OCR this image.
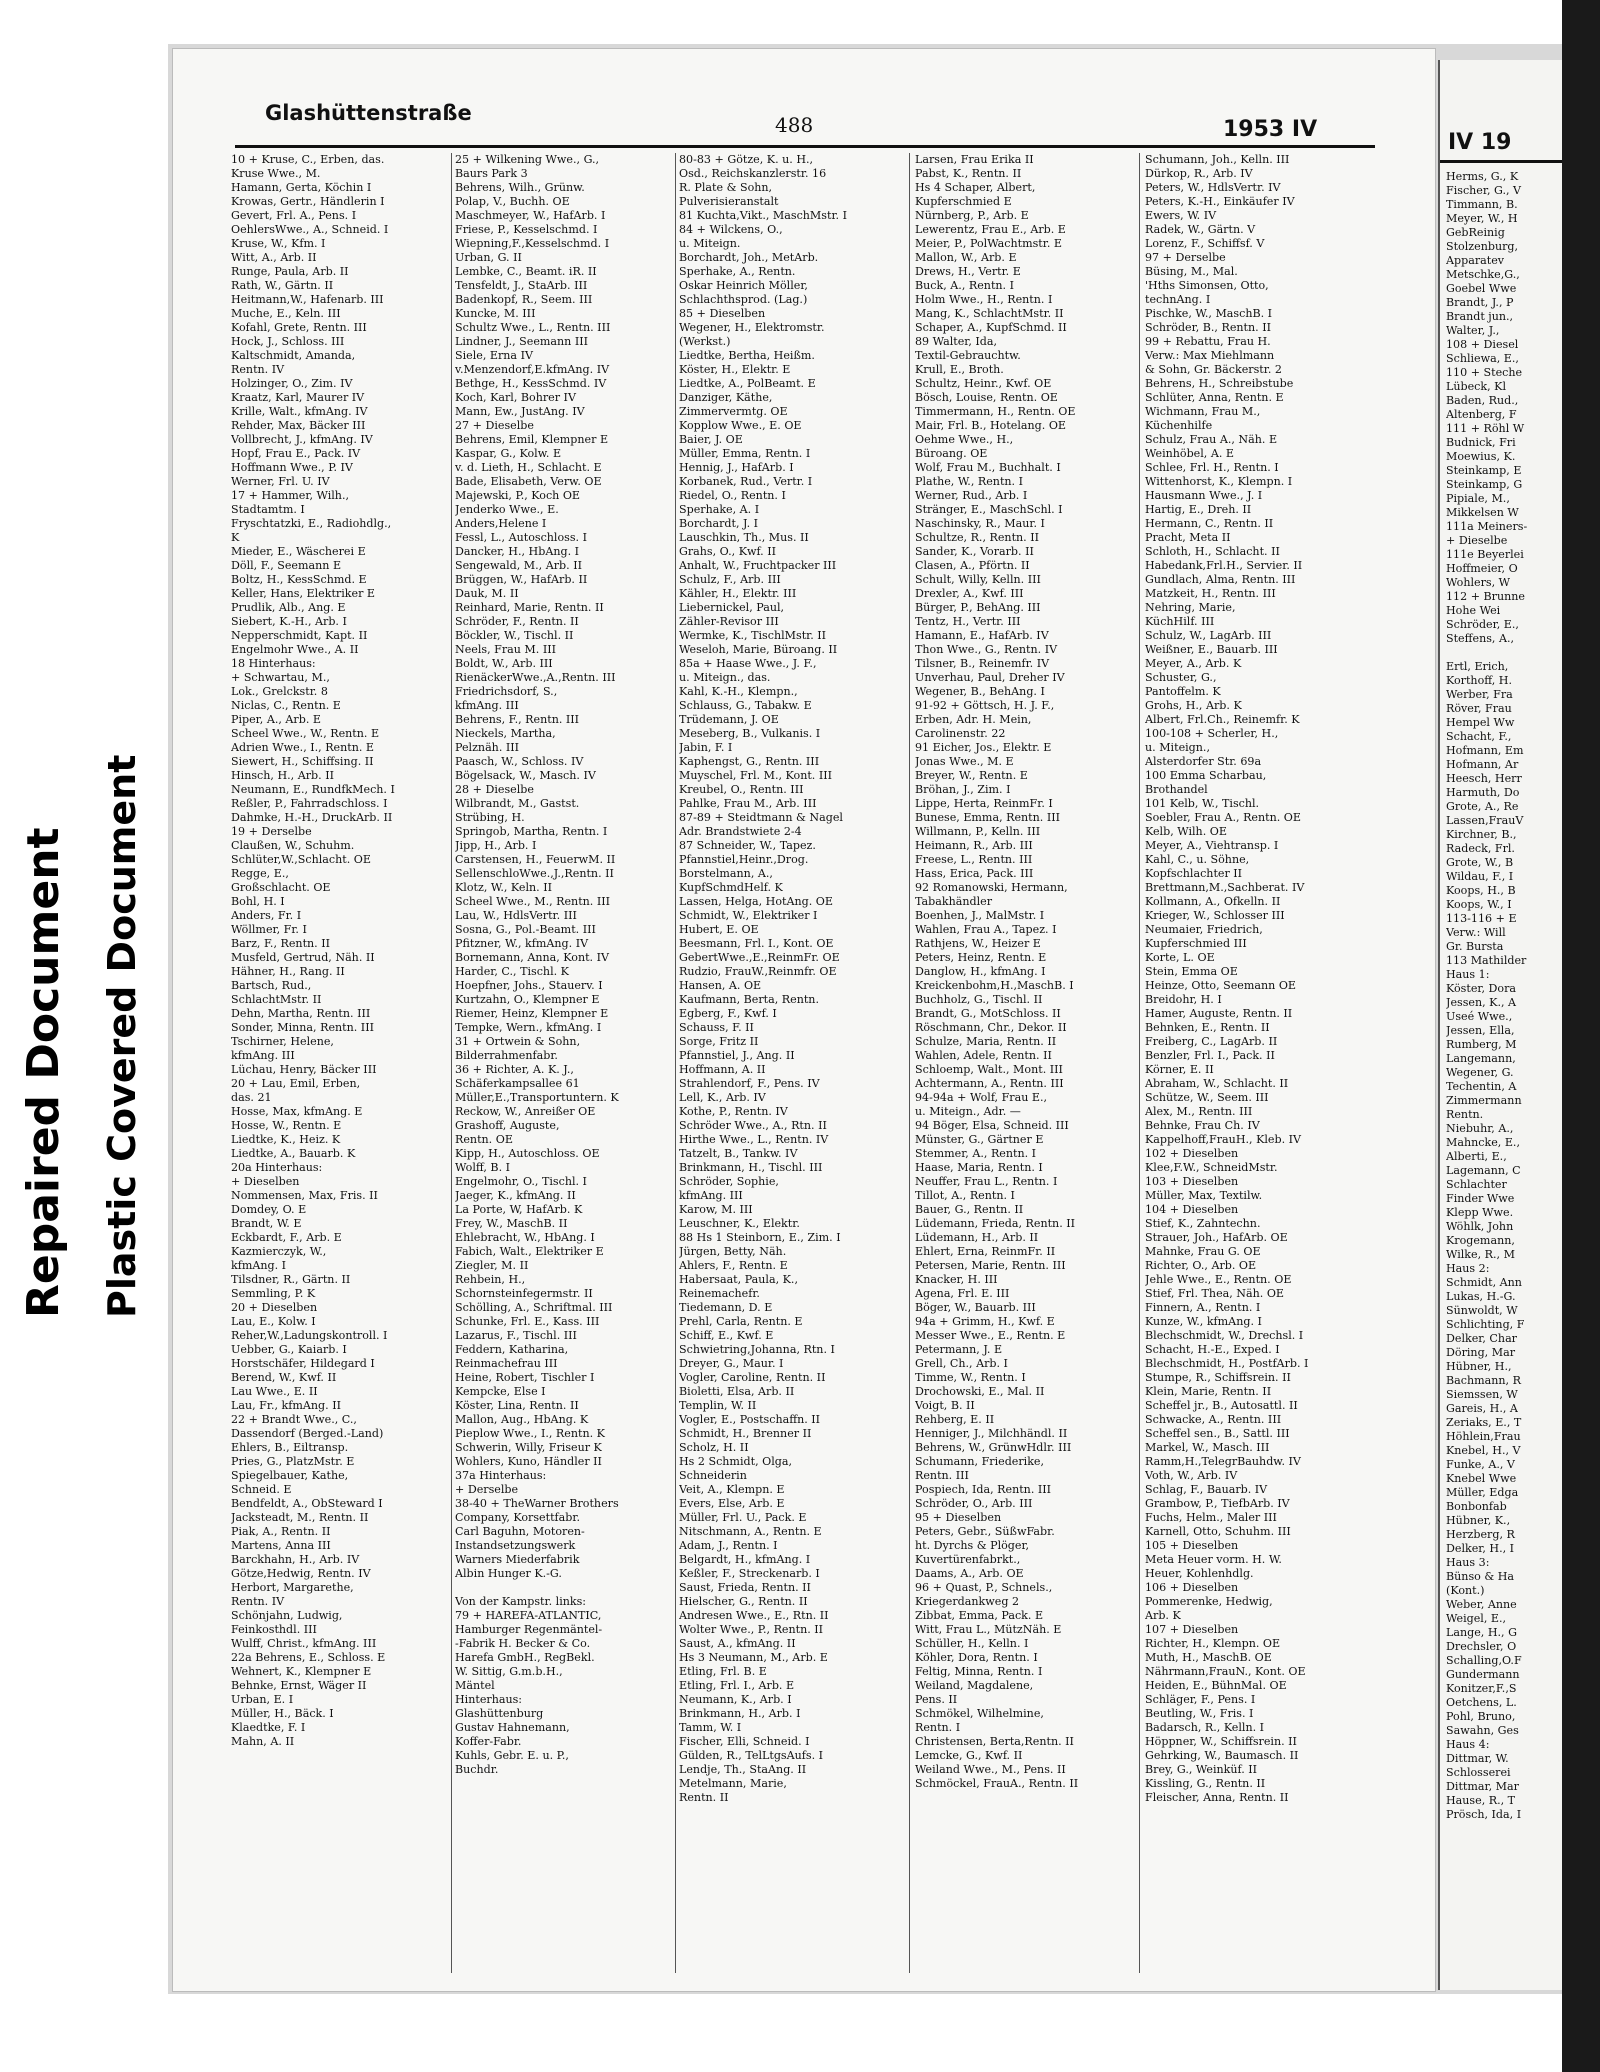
Repaired Document Plastic Covered Document
Glashüttenstraße	488	1953 IV
10 + Kruse, C., Erben, das.
Kruse Wwe., M.
Hamann, Gerta, Köchin I
Krowas, Gertr., Händlerin I
Gevert, Frl. A., Pens. I
OehlersWwe., A., Schneid. I
Kruse, W., Kfm. I
Witt, A., Arb. II
Runge, Paula, Arb. II
Rath, W., Gärtn. II
Heitmann,W., Hafenarb. III
Muche, E., Keln. III
Kofahl, Grete, Rentn. III
Hock, J., Schloss. III
Kaltschmidt, Amanda,
Rentn. IV
Holzinger, O., Zim. IV
Kraatz, Karl, Maurer IV
Krille, Walt., kfmAng. IV
Rehder, Max, Bäcker III
Vollbrecht, J., kfmAng. IV
Hopf, Frau E., Pack. IV
Hoffmann Wwe., P. IV
Werner, Frl. U. IV
17 + Hammer, Wilh.,
Stadtamtm. I
Fryschtatzki, E., Radiohdlg.,
K
Mieder, E., Wäscherei E
Döll, F., Seemann E
Boltz, H., KessSchmd. E
Keller, Hans, Elektriker E
Prudlik, Alb., Ang. E
Siebert, K.-H., Arb. I
Nepperschmidt, Kapt. II
Engelmohr Wwe., A. II
18 Hinterhaus:
+ Schwartau, M.,
Lok., Grelckstr. 8
Niclas, C., Rentn. E
Piper, A., Arb. E
Scheel Wwe., W., Rentn. E
Adrien Wwe., I., Rentn. E
Siewert, H., Schiffsing. II
Hinsch, H., Arb. II
Neumann, E., RundfkMech. I
Reßler, P., Fahrradschloss. I
Dahmke, H.-H., DruckArb. II
19 + Derselbe
Claußen, W., Schuhm.
Schlüter,W.,Schlacht. OE
Regge, E.,
Großschlacht. OE
Bohl, H. I
Anders, Fr. I
Wöllmer, Fr. I
Barz, F., Rentn. II
Musfeld, Gertrud, Näh. II
Hähner, H., Rang. II
Bartsch, Rud.,
SchlachtMstr. II
Dehn, Martha, Rentn. III
Sonder, Minna, Rentn. III
Tschirner, Helene,
kfmAng. III
Lüchau, Henry, Bäcker III
20 + Lau, Emil, Erben,
das. 21
Hosse, Max, kfmAng. E
Hosse, W., Rentn. E
Liedtke, K., Heiz. K
Liedtke, A., Bauarb. K
20a Hinterhaus:
+ Dieselben
Nommensen, Max, Fris. II
Domdey, O. E
Brandt, W. E
Eckbardt, F., Arb. E
Kazmierczyk, W.,
kfmAng. I
Tilsdner, R., Gärtn. II
Semmling, P. K
20 + Dieselben
Lau, E., Kolw. I
Reher,W.,Ladungskontroll. I
Uebber, G., Kaiarb. I
Horstschäfer, Hildegard I
Berend, W., Kwf. II
Lau Wwe., E. II
Lau, Fr., kfmAng. II
22 + Brandt Wwe., C.,
Dassendorf (Berged.-Land)
Ehlers, B., Eiltransp.
Pries, G., PlatzMstr. E
Spiegelbauer, Kathe,
Schneid. E
Bendfeldt, A., ObSteward I
Jacksteadt, M., Rentn. II
Piak, A., Rentn. II
Martens, Anna III
Barckhahn, H., Arb. IV
Götze,Hedwig, Rentn. IV
Herbort, Margarethe,
Rentn. IV
Schönjahn, Ludwig,
Feinkosthdl. III
Wulff, Christ., kfmAng. III
22a Behrens, E., Schloss. E
Wehnert, K., Klempner E
Behnke, Ernst, Wäger II
Urban, E. I
Müller, H., Bäck. I
Klaedtke, F. I
Mahn, A. II
25 + Wilkening Wwe., G.,
Baurs Park 3
Behrens, Wilh., Grünw.
Polap, V., Buchh. OE
Maschmeyer, W., HafArb. I
Friese, P., Kesselschmd. I
Wiepning,F.,Kesselschmd. I
Urban, G. II
Lembke, C., Beamt. iR. II
Tensfeldt, J., StaArb. III
Badenkopf, R., Seem. III
Kuncke, M. III
Schultz Wwe., L., Rentn. III
Lindner, J., Seemann III
Siele, Erna IV
v.Menzendorf,E.kfmAng. IV
Bethge, H., KessSchmd. IV
Koch, Karl, Bohrer IV
Mann, Ew., JustAng. IV
27 + Dieselbe
Behrens, Emil, Klempner E
Kaspar, G., Kolw. E
v. d. Lieth, H., Schlacht. E
Bade, Elisabeth, Verw. OE
Majewski, P., Koch OE
Jenderko Wwe., E.
Anders,Helene I
Fessl, L., Autoschloss. I
Dancker, H., HbAng. I
Sengewald, M., Arb. II
Brüggen, W., HafArb. II
Dauk, M. II
Reinhard, Marie, Rentn. II
Schröder, F., Rentn. II
Böckler, W., Tischl. II
Neels, Frau M. III
Boldt, W., Arb. III
RienäckerWwe.,A.,Rentn. III
Friedrichsdorf, S.,
kfmAng. III
Behrens, F., Rentn. III
Nieckels, Martha,
Pelznäh. III
Paasch, W., Schloss. IV
Bögelsack, W., Masch. IV
28 + Dieselbe
Wilbrandt, M., Gastst.
Strübing, H.
Springob, Martha, Rentn. I
Jipp, H., Arb. I
Carstensen, H., FeuerwM. II
SellenschloWwe.,J.,Rentn. II
Klotz, W., Keln. II
Scheel Wwe., M., Rentn. III
Lau, W., HdlsVertr. III
Sosna, G., Pol.-Beamt. III
Pfitzner, W., kfmAng. IV
Bornemann, Anna, Kont. IV
Harder, C., Tischl. K
Hoepfner, Johs., Stauerv. I
Kurtzahn, O., Klempner E
Riemer, Heinz, Klempner E
Tempke, Wern., kfmAng. I
31 + Ortwein & Sohn,
Bilderrahmenfabr.
36 + Richter, A. K. J.,
Schäferkampsallee 61
Müller,E.,Transportuntern. K
Reckow, W., Anreißer OE
Grashoff, Auguste,
Rentn. OE
Kipp, H., Autoschloss. OE
Wolff, B. I
Engelmohr, O., Tischl. I
Jaeger, K., kfmAng. II
La Porte, W, HafArb. K
Frey, W., MaschB. II
Ehlebracht, W., HbAng. I
Fabich, Walt., Elektriker E
Ziegler, M. II
Rehbein, H.,
Schornsteinfegermstr. II
Schölling, A., Schriftmal. III
Schunke, Frl. E., Kass. III
Lazarus, F., Tischl. III
Feddern, Katharina,
Reinmachefrau III
Heine, Robert, Tischler I
Kempcke, Else I
Köster, Lina, Rentn. II
Mallon, Aug., HbAng. K
Pieplow Wwe., I., Rentn. K
Schwerin, Willy, Friseur K
Wohlers, Kuno, Händler II
37a Hinterhaus:
+ Derselbe
38-40 + TheWarner Brothers
Company, Korsettfabr.
Carl Baguhn, Motoren-
Instandsetzungswerk
Warners Miederfabrik
Albin Hunger K.-G.
Von der Kampstr. links:
79 + HAREFA-ATLANTIC,
Hamburger Regenmäntel-
-Fabrik H. Becker & Co.
Harefa GmbH., RegBekl.
W. Sittig, G.m.b.H.,
Mäntel
Hinterhaus:
Glashüttenburg
Gustav Hahnemann,
Koffer-Fabr.
Kuhls, Gebr. E. u. P.,
Buchdr.
80-83 + Götze, K. u. H.,
Osd., Reichskanzlerstr. 16
R. Plate & Sohn,
Pulverisieranstalt
81 Kuchta,Vikt., MaschMstr. I
84 + Wilckens, O.,
u. Miteign.
Borchardt, Joh., MetArb.
Sperhake, A., Rentn.
Oskar Heinrich Möller,
Schlachthsprod. (Lag.)
85 + Dieselben
Wegener, H., Elektromstr.
(Werkst.)
Liedtke, Bertha, Heißm.
Köster, H., Elektr. E
Liedtke, A., PolBeamt. E
Danziger, Käthe,
Zimmervermtg. OE
Kopplow Wwe., E. OE
Baier, J. OE
Müller, Emma, Rentn. I
Hennig, J., HafArb. I
Korbanek, Rud., Vertr. I
Riedel, O., Rentn. I
Sperhake, A. I
Borchardt, J. I
Lauschkin, Th., Mus. II
Grahs, O., Kwf. II
Anhalt, W., Fruchtpacker III
Schulz, F., Arb. III
Kähler, H., Elektr. III
Liebernickel, Paul,
Zähler-Revisor III
Wermke, K., TischlMstr. II
Weseloh, Marie, Büroang. II
85a + Haase Wwe., J. F.,
u. Miteign., das.
Kahl, K.-H., Klempn.,
Schlauss, G., Tabakw. E
Trüdemann, J. OE
Meseberg, B., Vulkanis. I
Jabin, F. I
Kaphengst, G., Rentn. III
Muyschel, Frl. M., Kont. III
Kreubel, O., Rentn. III
Pahlke, Frau M., Arb. III
87-89 + Steidtmann & Nagel
Adr. Brandstwiete 2-4
87 Schneider, W., Tapez.
Pfannstiel,Heinr.,Drog.
Borstelmann, A.,
KupfSchmdHelf. K
Lassen, Helga, HotAng. OE
Schmidt, W., Elektriker I
Hubert, E. OE
Beesmann, Frl. I., Kont. OE
GebertWwe.,E.,ReinmFr. OE
Rudzio, FrauW.,Reinmfr. OE
Hansen, A. OE
Kaufmann, Berta, Rentn.
Egberg, F., Kwf. I
Schauss, F. II
Sorge, Fritz II
Pfannstiel, J., Ang. II
Hoffmann, A. II
Strahlendorf, F., Pens. IV
Lell, K., Arb. IV
Kothe, P., Rentn. IV
Schröder Wwe., A., Rtn. II
Hirthe Wwe., L., Rentn. IV
Tatzelt, B., Tankw. IV
Brinkmann, H., Tischl. III
Schröder, Sophie,
kfmAng. III
Karow, M. III
Leuschner, K., Elektr.
88 Hs 1 Steinborn, E., Zim. I
Jürgen, Betty, Näh.
Ahlers, F., Rentn. E
Habersaat, Paula, K.,
Reinemachefr.
Tiedemann, D. E
Prehl, Carla, Rentn. E
Schiff, E., Kwf. E
Schwietring,Johanna, Rtn. I
Dreyer, G., Maur. I
Vogler, Caroline, Rentn. II
Bioletti, Elsa, Arb. II
Templin, W. II
Vogler, E., Postschaffn. II
Schmidt, H., Brenner II
Scholz, H. II
Hs 2 Schmidt, Olga,
Schneiderin
Veit, A., Klempn. E
Evers, Else, Arb. E
Müller, Frl. U., Pack. E
Nitschmann, A., Rentn. E
Adam, J., Rentn. I
Belgardt, H., kfmAng. I
Keßler, F., Streckenarb. I
Saust, Frieda, Rentn. II
Hielscher, G., Rentn. II
Andresen Wwe., E., Rtn. II
Wolter Wwe., P., Rentn. II
Saust, A., kfmAng. II
Hs 3 Neumann, M., Arb. E
Etling, Frl. B. E
Etling, Frl. I., Arb. E
Neumann, K., Arb. I
Brinkmann, H., Arb. I
Tamm, W. I
Fischer, Elli, Schneid. I
Gülden, R., TelLtgsAufs. I
Lendje, Th., StaAng. II
Metelmann, Marie,
Rentn. II
Larsen, Frau Erika II
Pabst, K., Rentn. II
Hs 4 Schaper, Albert,
Kupferschmied E
Nürnberg, P., Arb. E
Lewerentz, Frau E., Arb. E
Meier, P., PolWachtmstr. E
Mallon, W., Arb. E
Drews, H., Vertr. E
Buck, A., Rentn. I
Holm Wwe., H., Rentn. I
Mang, K., SchlachtMstr. II
Schaper, A., KupfSchmd. II
89 Walter, Ida,
Textil-Gebrauchtw.
Krull, E., Broth.
Schultz, Heinr., Kwf. OE
Bösch, Louise, Rentn. OE
Timmermann, H., Rentn. OE
Mair, Frl. B., Hotelang. OE
Oehme Wwe., H.,
Büroang. OE
Wolf, Frau M., Buchhalt. I
Plathe, W., Rentn. I
Werner, Rud., Arb. I
Stränger, E., MaschSchl. I
Naschinsky, R., Maur. I
Schultze, R., Rentn. II
Sander, K., Vorarb. II
Clasen, A., Pförtn. II
Schult, Willy, Kelln. III
Drexler, A., Kwf. III
Bürger, P., BehAng. III
Tentz, H., Vertr. III
Hamann, E., HafArb. IV
Thon Wwe., G., Rentn. IV
Tilsner, B., Reinemfr. IV
Unverhau, Paul, Dreher IV
Wegener, B., BehAng. I
91-92 + Göttsch, H. J. F.,
Erben, Adr. H. Mein,
Carolinenstr. 22
91 Eicher, Jos., Elektr. E
Jonas Wwe., M. E
Breyer, W., Rentn. E
Bröhan, J., Zim. I
Lippe, Herta, ReinmFr. I
Bunese, Emma, Rentn. III
Willmann, P., Kelln. III
Heimann, R., Arb. III
Freese, L., Rentn. III
Hass, Erica, Pack. III
92 Romanowski, Hermann,
Tabakhändler
Boenhen, J., MalMstr. I
Wahlen, Frau A., Tapez. I
Rathjens, W., Heizer E
Peters, Heinz, Rentn. E
Danglow, H., kfmAng. I
Kreickenbohm,H.,MaschB. I
Buchholz, G., Tischl. II
Brandt, G., MotSchloss. II
Röschmann, Chr., Dekor. II
Schulze, Maria, Rentn. II
Wahlen, Adele, Rentn. II
Schloemp, Walt., Mont. III
Achtermann, A., Rentn. III
94-94a + Wolf, Frau E.,
u. Miteign., Adr. —
94 Böger, Elsa, Schneid. III
Münster, G., Gärtner E
Stemmer, A., Rentn. I
Haase, Maria, Rentn. I
Neuffer, Frau L., Rentn. I
Tillot, A., Rentn. I
Bauer, G., Rentn. II
Lüdemann, Frieda, Rentn. II
Lüdemann, H., Arb. II
Ehlert, Erna, ReinmFr. II
Petersen, Marie, Rentn. III
Knacker, H. III
Agena, Frl. E. III
Böger, W., Bauarb. III
94a + Grimm, H., Kwf. E
Messer Wwe., E., Rentn. E
Petermann, J. E
Grell, Ch., Arb. I
Timme, W., Rentn. I
Drochowski, E., Mal. II
Voigt, B. II
Rehberg, E. II
Henniger, J., Milchhändl. II
Behrens, W., GrünwHdlr. III
Schumann, Friederike,
Rentn. III
Pospiech, Ida, Rentn. III
Schröder, O., Arb. III
95 + Dieselben
Peters, Gebr., SüßwFabr.
ht. Dyrchs & Plöger,
Kuvertürenfabrkt.,
Daams, A., Arb. OE
96 + Quast, P., Schnels.,
Kriegerdankweg 2
Zibbat, Emma, Pack. E
Witt, Frau L., MützNäh. E
Schüller, H., Kelln. I
Köhler, Dora, Rentn. I
Feltig, Minna, Rentn. I
Weiland, Magdalene,
Pens. II
Schmökel, Wilhelmine,
Rentn. I
Christensen, Berta,Rentn. II
Lemcke, G., Kwf. II
Weiland Wwe., M., Pens. II
Schmöckel, FrauA., Rentn. II
Schumann, Joh., Kelln. III
Dürkop, R., Arb. IV
Peters, W., HdlsVertr. IV
Peters, K.-H., Einkäufer IV
Ewers, W. IV
Radek, W., Gärtn. V
Lorenz, F., Schiffsf. V
97 + Derselbe
Büsing, M., Mal.
'Hths Simonsen, Otto,
technAng. I
Pischke, W., MaschB. I
Schröder, B., Rentn. II
99 + Rebattu, Frau H.
Verw.: Max Miehlmann
& Sohn, Gr. Bäckerstr. 2
Behrens, H., Schreibstube
Schlüter, Anna, Rentn. E
Wichmann, Frau M.,
Küchenhilfe
Schulz, Frau A., Näh. E
Weinhöbel, A. E
Schlee, Frl. H., Rentn. I
Wittenhorst, K., Klempn. I
Hausmann Wwe., J. I
Hartig, E., Dreh. II
Hermann, C., Rentn. II
Pracht, Meta II
Schloth, H., Schlacht. II
Habedank,Frl.H., Servier. II
Gundlach, Alma, Rentn. III
Matzkeit, H., Rentn. III
Nehring, Marie,
KüchHilf. III
Schulz, W., LagArb. III
Weißner, E., Bauarb. III
Meyer, A., Arb. K
Schuster, G.,
Pantoffelm. K
Grohs, H., Arb. K
Albert, Frl.Ch., Reinemfr. K
100-108 + Scherler, H.,
u. Miteign.,
Alsterdorfer Str. 69a
100 Emma Scharbau,
Brothandel
101 Kelb, W., Tischl.
Soebler, Frau A., Rentn. OE
Kelb, Wilh. OE
Meyer, A., Viehtransp. I
Kahl, C., u. Söhne,
Kopfschlachter II
Brettmann,M.,Sachberat. IV
Kollmann, A., Ofkelln. II
Krieger, W., Schlosser III
Neumaier, Friedrich,
Kupferschmied III
Korte, L. OE
Stein, Emma OE
Heinze, Otto, Seemann OE
Breidohr, H. I
Hamer, Auguste, Rentn. II
Behnken, E., Rentn. II
Freiberg, C., LagArb. II
Benzler, Frl. I., Pack. II
Körner, E. II
Abraham, W., Schlacht. II
Schütze, W., Seem. III
Alex, M., Rentn. III
Behnke, Frau Ch. IV
Kappelhoff,FrauH., Kleb. IV
102 + Dieselben
Klee,F.W., SchneidMstr.
103 + Dieselben
Müller, Max, Textilw.
104 + Dieselben
Stief, K., Zahntechn.
Strauer, Joh., HafArb. OE
Mahnke, Frau G. OE
Richter, O., Arb. OE
Jehle Wwe., E., Rentn. OE
Stief, Frl. Thea, Näh. OE
Finnern, A., Rentn. I
Kunze, W., kfmAng. I
Blechschmidt, W., Drechsl. I
Schacht, H.-E., Exped. I
Blechschmidt, H., PostfArb. I
Stumpe, R., Schiffsrein. II
Klein, Marie, Rentn. II
Scheffel jr., B., Autosattl. II
Schwacke, A., Rentn. III
Scheffel sen., B., Sattl. III
Markel, W., Masch. III
Ramm,H.,TelegrBauhdw. IV
Voth, W., Arb. IV
Schlag, F., Bauarb. IV
Grambow, P., TiefbArb. IV
Fuchs, Helm., Maler III
Karnell, Otto, Schuhm. III
105 + Dieselben
Meta Heuer vorm. H. W.
Heuer, Kohlenhdlg.
106 + Dieselben
Pommerenke, Hedwig,
Arb. K
107 + Dieselben
Richter, H., Klempn. OE
Muth, H., MaschB. OE
Nährmann,FrauN., Kont. OE
Heiden, E., BühnMal. OE
Schläger, F., Pens. I
Beutling, W., Fris. I
Badarsch, R., Kelln. I
Höppner, W., Schiffsrein. II
Gehrking, W., Baumasch. II
Brey, G., Weinküf. II
Kissling, G., Rentn. II
Fleischer, Anna, Rentn. II
IV 19
Herms, G., K
Fischer, G., V
Timmann, B.
Meyer, W., H
GebReinig
Stolzenburg,
Apparatev
Metschke,G.,
Goebel Wwe
Brandt, J., P
Brandt jun.,
Walter, J.,
108 + Diesel
Schliewa, E.,
110 + Steche
Lübeck, Kl
Baden, Rud.,
Altenberg, F
111 + Röhl W
Budnick, Fri
Moewius, K.
Steinkamp, E
Steinkamp, G
Pipiale, M.,
Mikkelsen W
111a Meiners-
+ Dieselbe
111e Beyerlei
Hoffmeier, O
Wohlers, W
112 + Brunne
Hohe Wei
Schröder, E.,
Steffens, A.,
Ertl, Erich,
Korthoff, H.
Werber, Fra
Röver, Frau
Hempel Ww
Schacht, F.,
Hofmann, Em
Hofmann, Ar
Heesch, Herr
Harmuth, Do
Grote, A., Re
Lassen,FrauV
Kirchner, B.,
Radeck, Frl.
Grote, W., B
Wildau, F., I
Koops, H., B
Koops, W., I
113-116 + E
Verw.: Will
Gr. Bursta
113 Mathilder
Haus 1:
Köster, Dora
Jessen, K., A
Useé Wwe.,
Jessen, Ella,
Rumberg, M
Langemann,
Wegener, G.
Techentin, A
Zimmermann
Rentn.
Niebuhr, A.,
Mahncke, E.,
Alberti, E.,
Lagemann, C
Schlachter
Finder Wwe
Klepp Wwe.
Wöhlk, John
Krogemann,
Wilke, R., M
Haus 2:
Schmidt, Ann
Lukas, H.-G.
Sünwoldt, W
Schlichting, F
Delker, Char
Döring, Mar
Hübner, H.,
Bachmann, R
Siemssen, W
Gareis, H., A
Zeriaks, E., T
Höhlein,Frau
Knebel, H., V
Funke, A., V
Knebel Wwe
Müller, Edga
Bonbonfab
Hübner, K.,
Herzberg, R
Delker, H., I
Haus 3:
Bünso & Ha
(Kont.)
Weber, Anne
Weigel, E.,
Lange, H., G
Drechsler, O
Schalling,O.F
Gundermann
Konitzer,F.,S
Oetchens, L.
Pohl, Bruno,
Sawahn, Ges
Haus 4:
Dittmar, W.
Schlosserei
Dittmar, Mar
Hause, R., T
Prösch, Ida, I
